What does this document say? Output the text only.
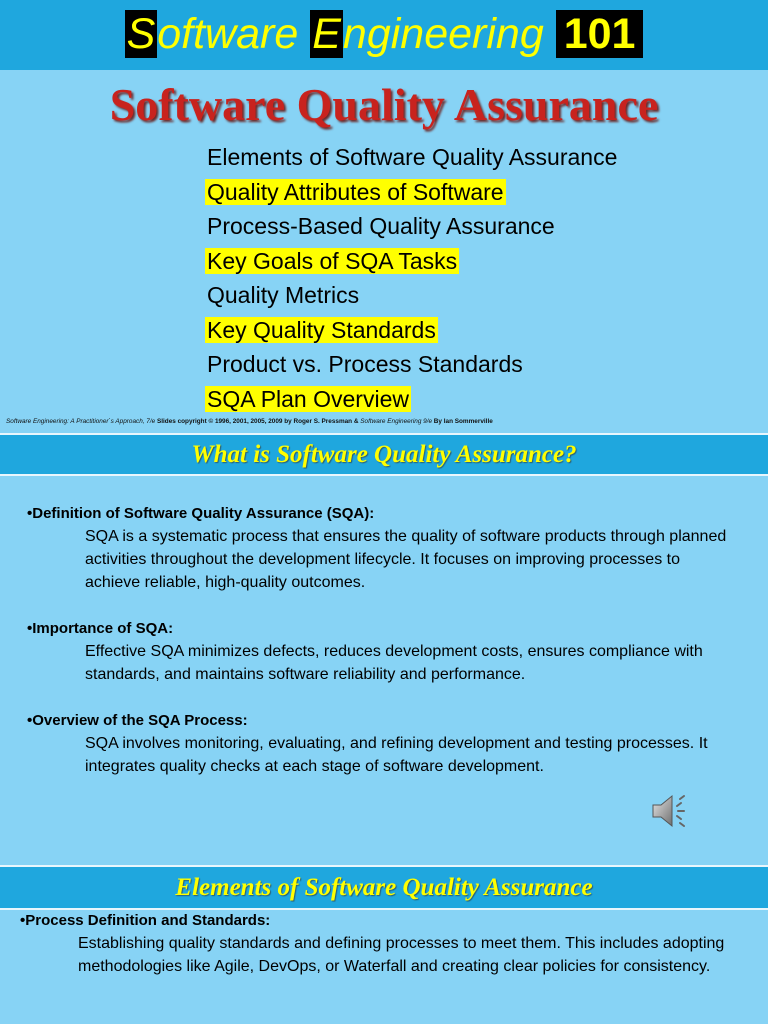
Software Engineering 101
Software Quality Assurance
Elements of Software Quality Assurance
Quality Attributes of Software
Process-Based Quality Assurance
Key Goals of SQA Tasks
Quality Metrics
Key Quality Standards
Product vs. Process Standards
SQA Plan Overview
Software Engineering: A Practitioner`s Approach, 7/e Slides copyright © 1996, 2001, 2005, 2009 by Roger S. Pressman & Software Engineering 9/e By Ian Sommerville
What is Software Quality Assurance?
•Definition of Software Quality Assurance (SQA):
SQA is a systematic process that ensures the quality of software products through planned activities throughout the development lifecycle. It focuses on improving processes to achieve reliable, high-quality outcomes.
•Importance of SQA:
Effective SQA minimizes defects, reduces development costs, ensures compliance with standards, and maintains software reliability and performance.
•Overview of the SQA Process:
SQA involves monitoring, evaluating, and refining development and testing processes. It integrates quality checks at each stage of software development.
Elements of Software Quality Assurance
•Process Definition and Standards:
Establishing quality standards and defining processes to meet them. This includes adopting methodologies like Agile, DevOps, or Waterfall and creating clear policies for consistency.
